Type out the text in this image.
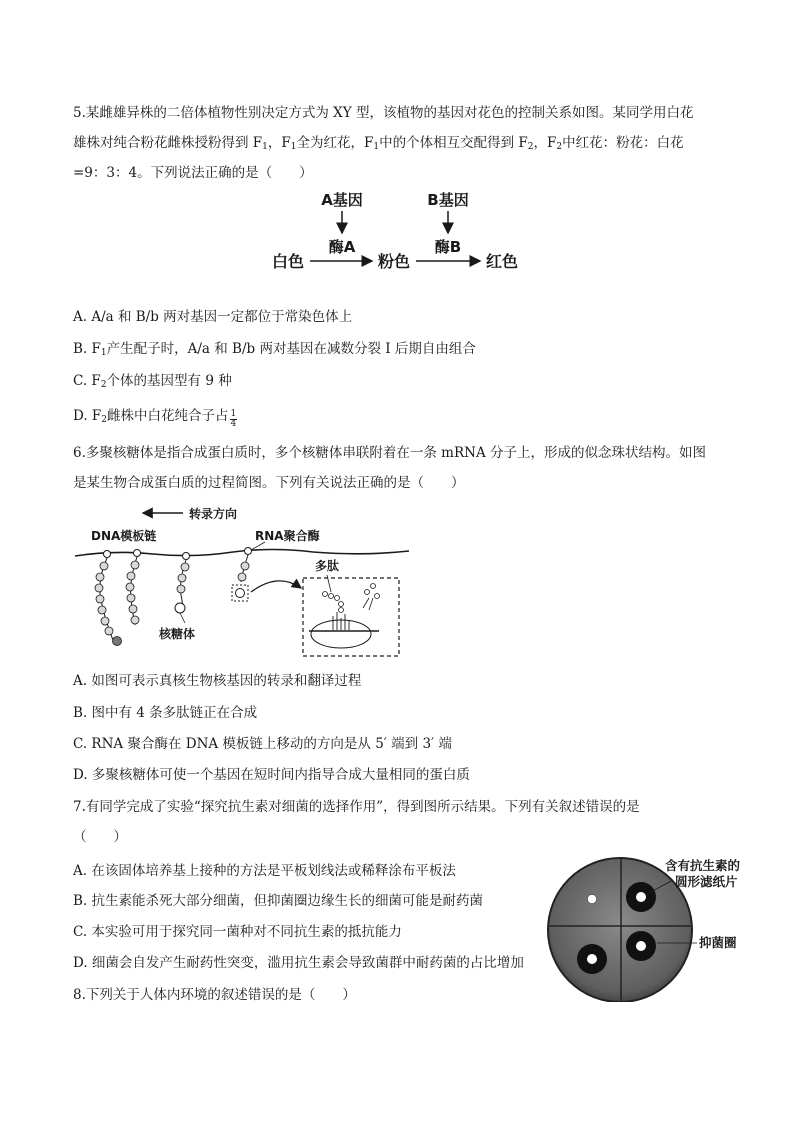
5.某雌雄异株的二倍体植物性别决定方式为 XY 型，该植物的基因对花色的控制关系如图。某同学用白花
雄株对纯合粉花雌株授粉得到 $F_1$，$F_1$全为红花，$F_1$中的个体相互交配得到 $F_2$，$F_2$中红花：粉花：白花
=9：3：4。下列说法正确的是（　　）
A基因	B基因
酶A	酶B
白色	粉色	红色
A. A/a 和 B/b 两对基因一定都位于常染色体上
B. $F_1$产生配子时，A/a 和 B/b 两对基因在减数分裂 I 后期自由组合
C. $F_2$个体的基因型有 9 种
D. $F_2$雌株中白花纯合子占 $\frac{1}{4}$
6.多聚核糖体是指合成蛋白质时，多个核糖体串联附着在一条 mRNA 分子上，形成的似念珠状结构。如图
是某生物合成蛋白质的过程简图。下列有关说法正确的是（　　）
转录方向
DNA模板链	RNA聚合酶
核糖体
多肽
A. 如图可表示真核生物核基因的转录和翻译过程
B. 图中有 4 条多肽链正在合成
C. RNA 聚合酶在 DNA 模板链上移动的方向是从 5′ 端到 3′ 端
D. 多聚核糖体可使一个基因在短时间内指导合成大量相同的蛋白质
7.有同学完成了实验“探究抗生素对细菌的选择作用”，得到图所示结果。下列有关叙述错误的是
（　　）
A. 在该固体培养基上接种的方法是平板划线法或稀释涂布平板法
B. 抗生素能杀死大部分细菌，但抑菌圈边缘生长的细菌可能是耐药菌
C. 本实验可用于探究同一菌种对不同抗生素的抵抗能力
D. 细菌会自发产生耐药性突变，滥用抗生素会导致菌群中耐药菌的占比增加
含有抗生素的
圆形滤纸片
抑菌圈
8.下列关于人体内环境的叙述错误的是（　　）
